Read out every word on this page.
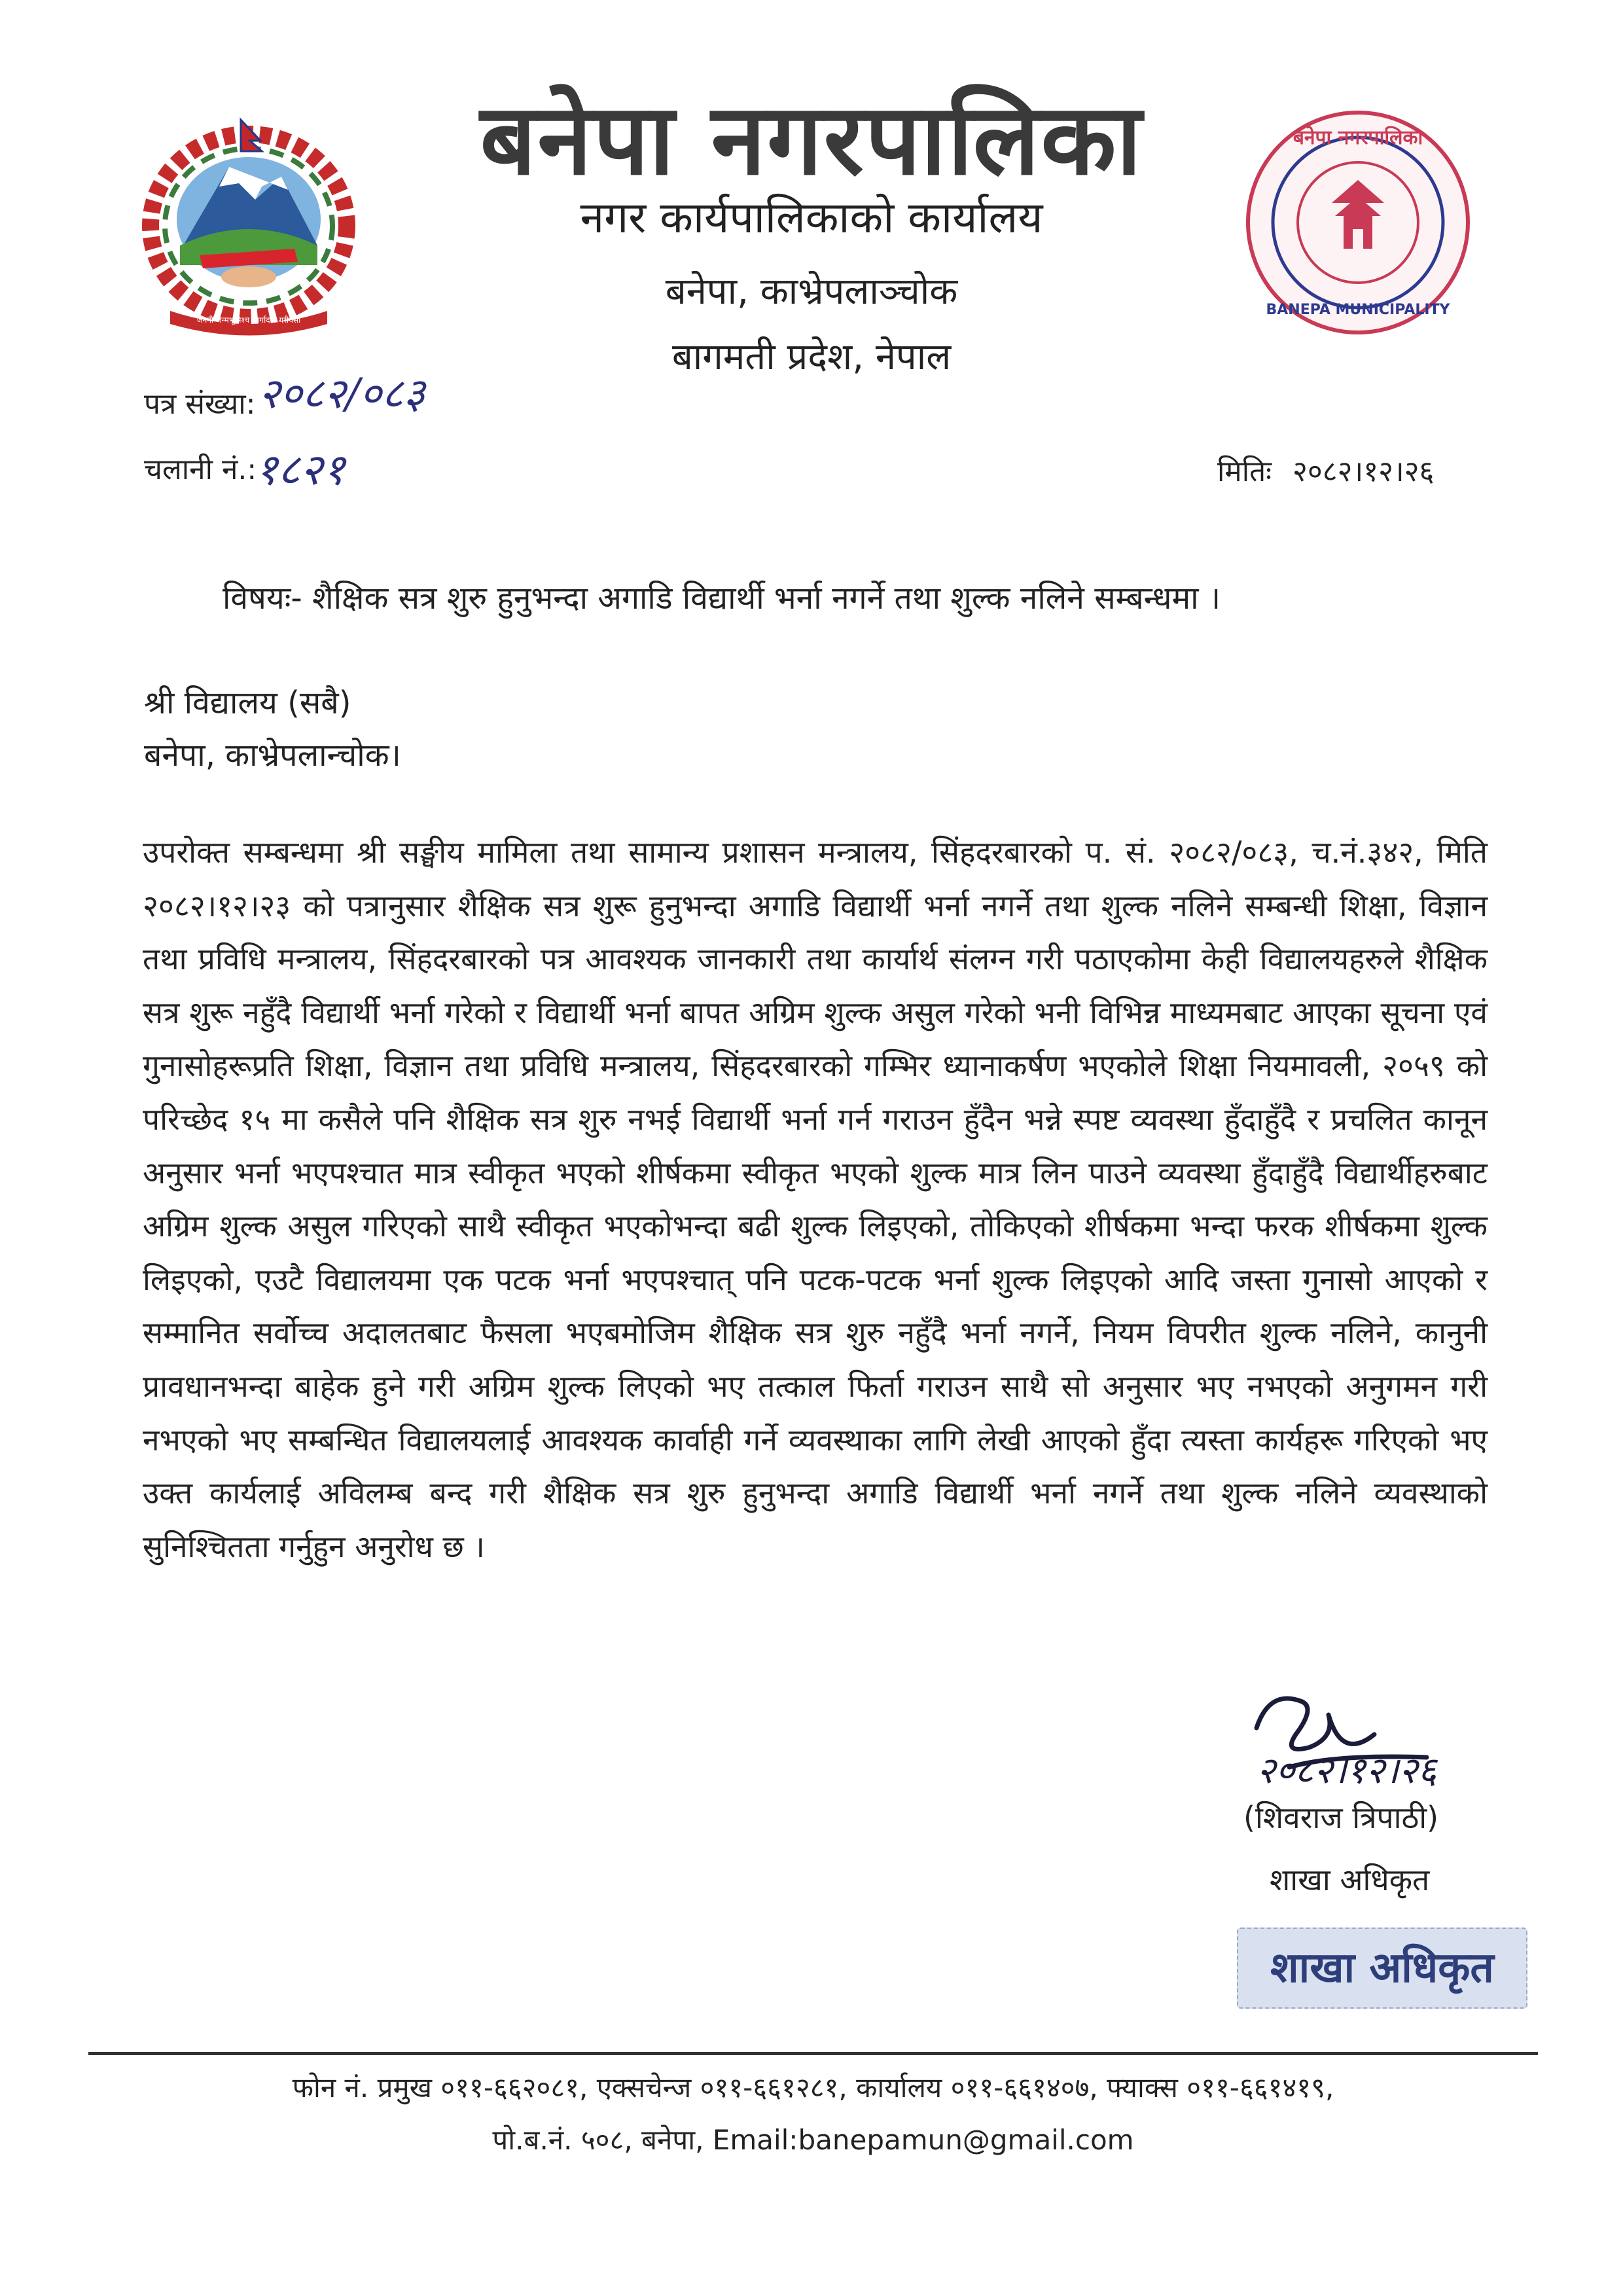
जननी जन्मभूमिश्च स्वर्गादपि गरीयसी
बनेपा नगरपालिका
नगर कार्यपालिकाको कार्यालय
बनेपा, काभ्रेपलाञ्चोक
बागमती प्रदेश, नेपाल
बनेपा नगरपालिका
BANEPA MUNICIPALITY
पत्र संख्या: २०८२/०८३
चलानी नं.:
१८२१	मितिः २०८२।१२।२६
विषयः- शैक्षिक सत्र शुरु हुनुभन्दा अगाडि विद्यार्थी भर्ना नगर्ने तथा शुल्क नलिने सम्बन्धमा ।
श्री विद्यालय (सबै)
बनेपा, काभ्रेपलान्चोक।
उपरोक्त सम्बन्धमा श्री सङ्घीय मामिला तथा सामान्य प्रशासन मन्त्रालय, सिंहदरबारको प. सं. २०८२/०८३, च.नं.३४२, मिति २०८२।१२।२३ को पत्रानुसार शैक्षिक सत्र शुरू हुनुभन्दा अगाडि विद्यार्थी भर्ना नगर्ने तथा शुल्क नलिने सम्बन्धी शिक्षा, विज्ञान तथा प्रविधि मन्त्रालय, सिंहदरबारको पत्र आवश्यक जानकारी तथा कार्यार्थ संलग्न गरी पठाएकोमा केही विद्यालयहरुले शैक्षिक सत्र शुरू नहुँदै विद्यार्थी भर्ना गरेको र विद्यार्थी भर्ना बापत अग्रिम शुल्क असुल गरेको भनी विभिन्न माध्यमबाट आएका सूचना एवं गुनासोहरूप्रति शिक्षा, विज्ञान तथा प्रविधि मन्त्रालय, सिंहदरबारको गम्भिर ध्यानाकर्षण भएकोले शिक्षा नियमावली, २०५९ को परिच्छेद १५ मा कसैले पनि शैक्षिक सत्र शुरु नभई विद्यार्थी भर्ना गर्न गराउन हुँदैन भन्ने स्पष्ट व्यवस्था हुँदाहुँदै र प्रचलित कानून अनुसार भर्ना भएपश्चात मात्र स्वीकृत भएको शीर्षकमा स्वीकृत भएको शुल्क मात्र लिन पाउने व्यवस्था हुँदाहुँदै विद्यार्थीहरुबाट अग्रिम शुल्क असुल गरिएको साथै स्वीकृत भएकोभन्दा बढी शुल्क लिइएको, तोकिएको शीर्षकमा भन्दा फरक शीर्षकमा शुल्क लिइएको, एउटै विद्यालयमा एक पटक भर्ना भएपश्चात् पनि पटक-पटक भर्ना शुल्क लिइएको आदि जस्ता गुनासो आएको र सम्मानित सर्वोच्च अदालतबाट फैसला भएबमोजिम शैक्षिक सत्र शुरु नहुँदै भर्ना नगर्ने, नियम विपरीत शुल्क नलिने, कानुनी प्रावधानभन्दा बाहेक हुने गरी अग्रिम शुल्क लिएको भए तत्काल फिर्ता गराउन साथै सो अनुसार भए नभएको अनुगमन गरी नभएको भए सम्बन्धित विद्यालयलाई आवश्यक कार्वाही गर्ने व्यवस्थाका लागि लेखी आएको हुँदा त्यस्ता कार्यहरू गरिएको भए उक्त कार्यलाई अविलम्ब बन्द गरी शैक्षिक सत्र शुरु हुनुभन्दा अगाडि विद्यार्थी भर्ना नगर्ने तथा शुल्क नलिने व्यवस्थाको सुनिश्चितता गर्नुहुन अनुरोध छ ।
२०८२।१२।२६
(शिवराज त्रिपाठी)
शाखा अधिकृत
शाखा अधिकृत
फोन नं. प्रमुख ०११-६६२०८१, एक्सचेन्ज ०११-६६१२८१, कार्यालय ०११-६६१४०७, फ्याक्स ०११-६६१४१९,
पो.ब.नं. ५०८, बनेपा, Email:banepamun@gmail.com
